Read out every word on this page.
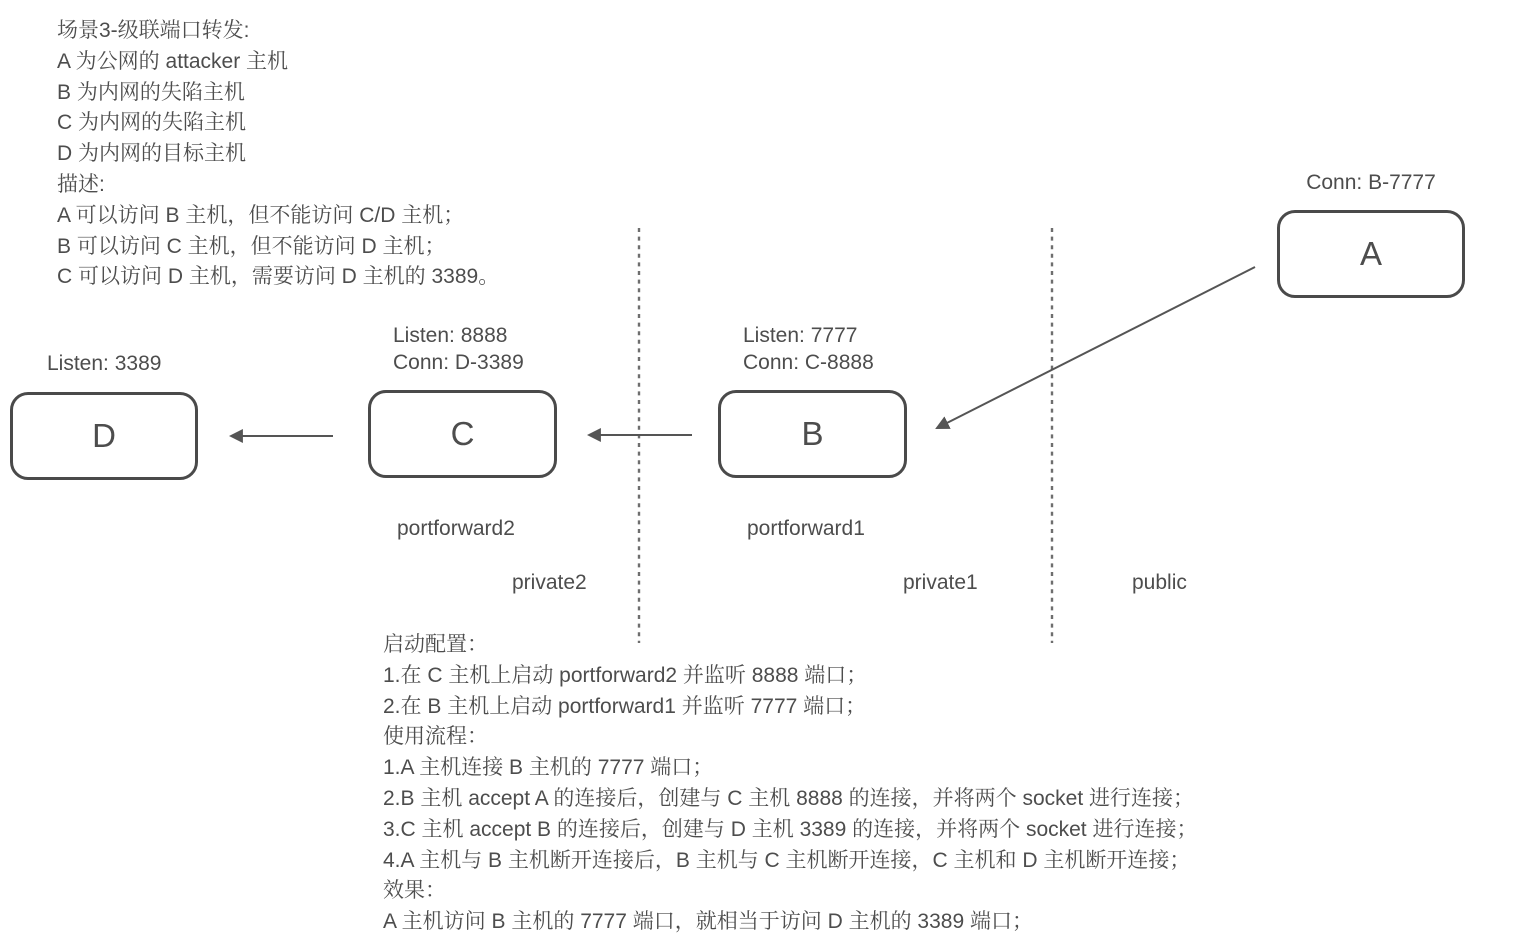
场景3-级联端口转发:
A 为公网的 attacker 主机
B 为内网的失陷主机
C 为内网的失陷主机
D 为内网的目标主机
描述:
A 可以访问 B 主机，但不能访问 C/D 主机；
B 可以访问 C 主机，但不能访问 D 主机；
C 可以访问 D 主机，需要访问 D 主机的 3389。
Conn: B-7777
A
Listen: 7777
Conn: C-8888
B
portforward1
Listen: 8888
Conn: D-3389
C
portforward2
Listen: 3389
D
private2	private1	public
启动配置：
1.在 C 主机上启动 portforward2 并监听 8888 端口；
2.在 B 主机上启动 portforward1 并监听 7777 端口；
使用流程：
1.A 主机连接 B 主机的 7777 端口；
2.B 主机 accept A 的连接后，创建与 C 主机 8888 的连接，并将两个 socket 进行连接；
3.C 主机 accept B 的连接后，创建与 D 主机 3389 的连接，并将两个 socket 进行连接；
4.A 主机与 B 主机断开连接后，B 主机与 C 主机断开连接，C 主机和 D 主机断开连接；
效果：
A 主机访问 B 主机的 7777 端口，就相当于访问 D 主机的 3389 端口；
